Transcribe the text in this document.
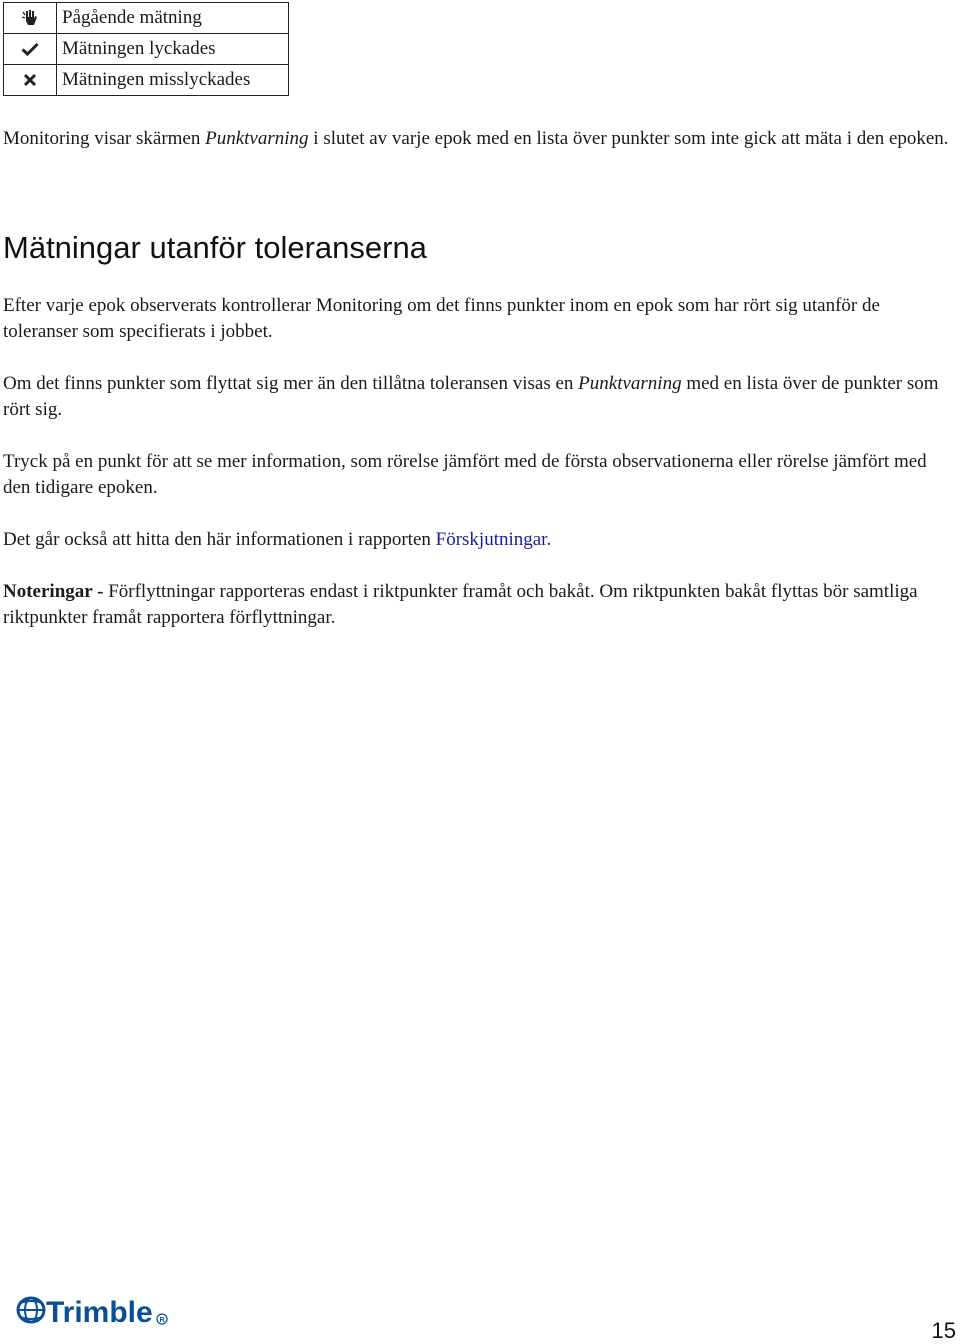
	Pågående mätning

	Mätningen lyckades

	Mätningen misslyckades

Monitoring visar skärmen Punktvarning i slutet av varje epok med en lista över punkter som inte gick att mäta i den epoken.

Mätningar utanför toleranserna

Efter varje epok observerats kontrollerar Monitoring om det finns punkter inom en epok som har rört sig utanför de toleranser som specifierats i jobbet.

Om det finns punkter som flyttat sig mer än den tillåtna toleransen visas en Punktvarning med en lista över de punkter som rört sig.

Tryck på en punkt för att se mer information, som rörelse jämfört med de första observationerna eller rörelse jämfört med den tidigare epoken.

Det går också att hitta den här informationen i rapporten Förskjutningar.

Noteringar - Förflyttningar rapporteras endast i riktpunkter framåt och bakåt. Om riktpunkten bakåt flyttas bör samtliga riktpunkter framåt rapportera förflyttningar.

Trimble R	15
